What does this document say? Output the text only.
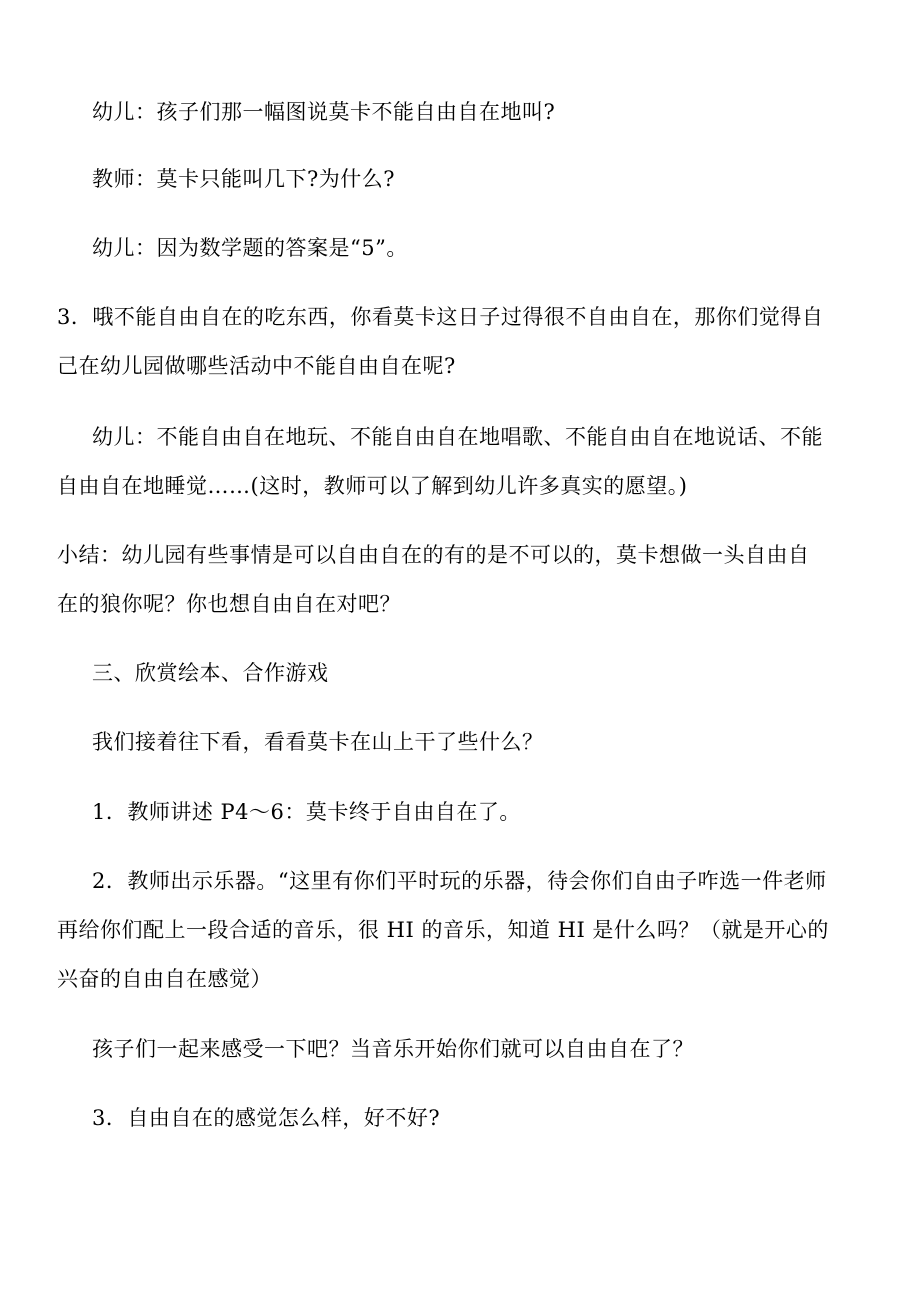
幼儿：孩子们那一幅图说莫卡不能自由自在地叫?

教师：莫卡只能叫几下?为什么?

幼儿：因为数学题的答案是“5”。

3．哦不能自由自在的吃东西，你看莫卡这日子过得很不自由自在，那你们觉得自

己在幼儿园做哪些活动中不能自由自在呢?

幼儿：不能自由自在地玩、不能自由自在地唱歌、不能自由自在地说话、不能

自由自在地睡觉……(这时，教师可以了解到幼儿许多真实的愿望。)

小结：幼儿园有些事情是可以自由自在的有的是不可以的，莫卡想做一头自由自

在的狼你呢？你也想自由自在对吧？

三、欣赏绘本、合作游戏

我们接着往下看，看看莫卡在山上干了些什么？

1．教师讲述 P4～6：莫卡终于自由自在了。

2．教师出示乐器。“这里有你们平时玩的乐器，待会你们自由子咋选一件老师

再给你们配上一段合适的音乐，很 HI 的音乐，知道 HI 是什么吗？（就是开心的

兴奋的自由自在感觉）

孩子们一起来感受一下吧？当音乐开始你们就可以自由自在了？

3．自由自在的感觉怎么样，好不好?
